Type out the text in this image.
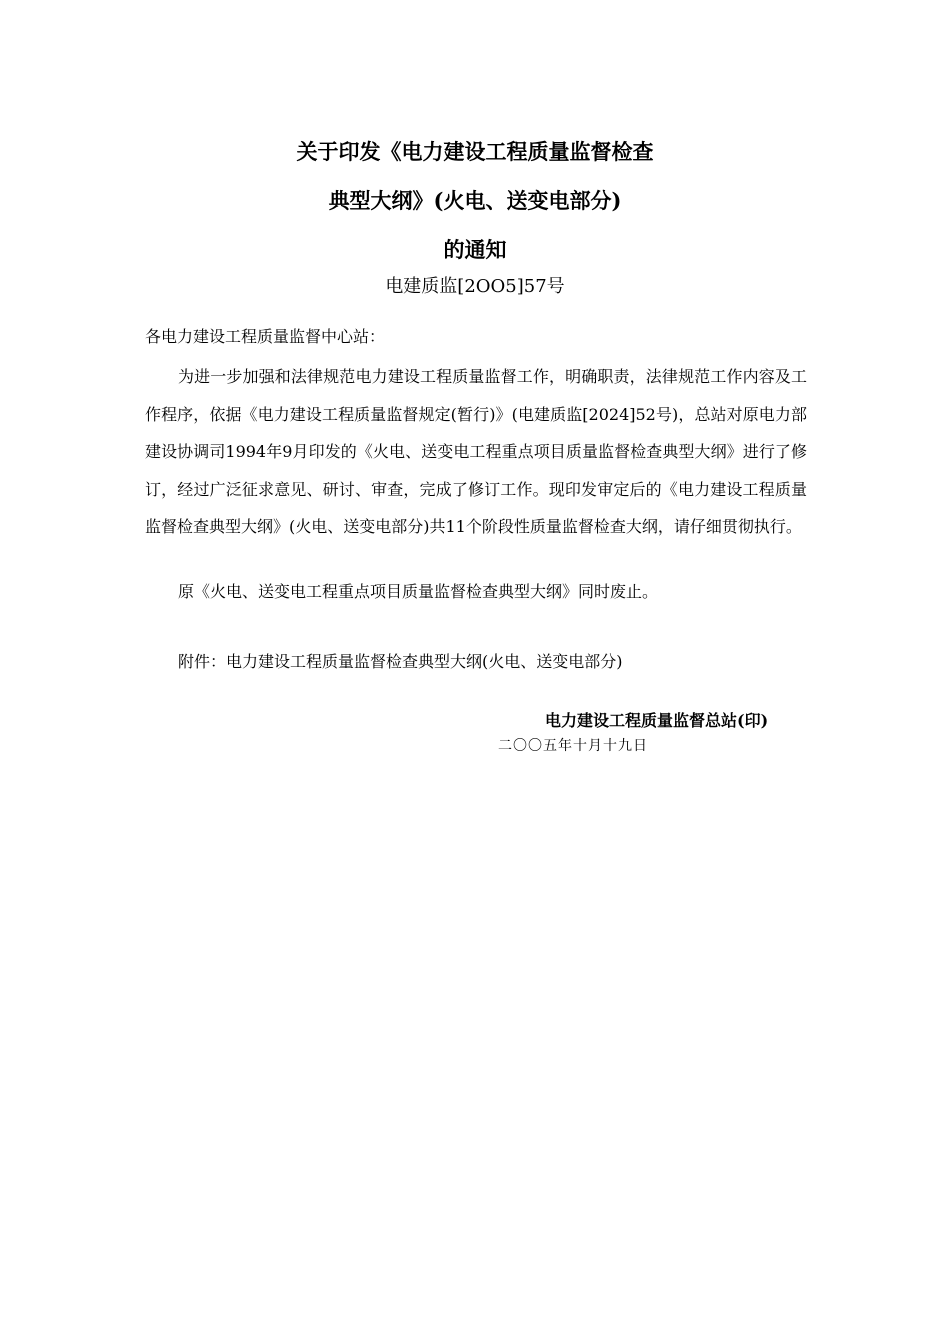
关于印发《电力建设工程质量监督检查
典型大纲》(火电、送变电部分)
的通知
电建质监[2OO5]57号
各电力建设工程质量监督中心站：
为进一步加强和法律规范电力建设工程质量监督工作，明确职责，法律规范工作内容及工作程序，依据《电力建设工程质量监督规定(暂行)》(电建质监[2024]52号)，总站对原电力部建设协调司1994年9月印发的《火电、送变电工程重点项目质量监督检查典型大纲》进行了修订，经过广泛征求意见、研讨、审查，完成了修订工作。现印发审定后的《电力建设工程质量监督检查典型大纲》(火电、送变电部分)共11个阶段性质量监督检查大纲，请仔细贯彻执行。
原《火电、送变电工程重点项目质量监督检查典型大纲》同时废止。
附件：电力建设工程质量监督检查典型大纲(火电、送变电部分)
电力建设工程质量监督总站(印)
二〇〇五年十月十九日
